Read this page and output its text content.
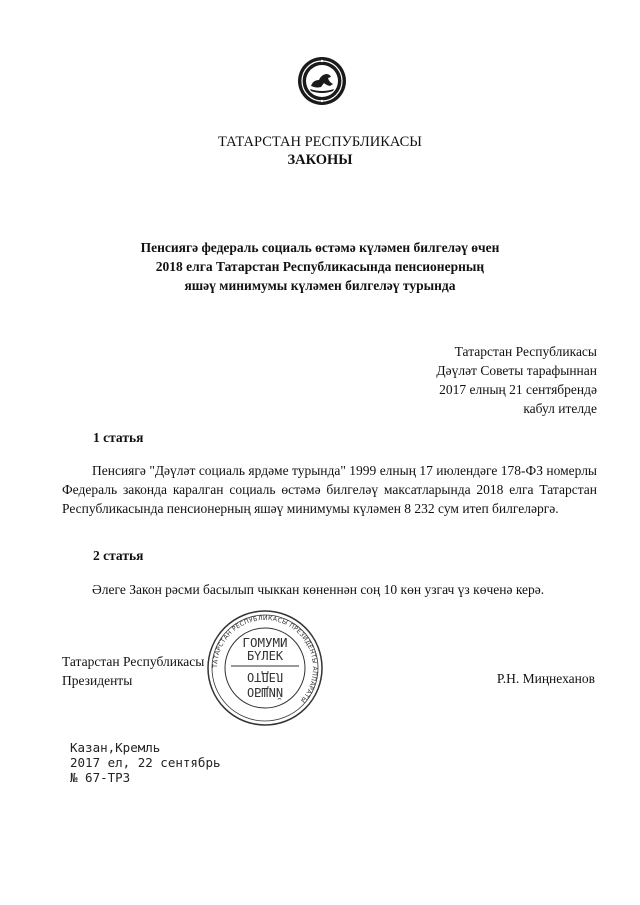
ТАТАРСТАН РЕСПУБЛИКАСЫ
ЗАКОНЫ
Пенсиягә федераль социаль өстәмә күләмен билгеләү өчен
2018 елга Татарстан Республикасында пенсионерның
яшәү минимумы күләмен билгеләү турында
Татарстан Республикасы
Дәүләт Советы тарафыннан
2017 елның 21 сентябрендә
кабул ителде
1 статья
Пенсиягә "Дәүләт социаль ярдәме турында" 1999 елның 17 июлендәге 178-ФЗ номерлы Федераль законда каралган социаль өстәмә билгеләү максатларында 2018 елга Татарстан Республикасында пенсионерның яшәү минимумы күләмен 8 232 сум итеп билгеләргә.
2 статья
Әлеге Закон рәсми басылып чыккан көненнән соң 10 көн узгач үз көченә керә.
Татарстан Республикасы
Президенты	Р.Н. Миңнеханов
ТАТАРСТАН РЕСПУБЛИКАСЫ ПРЕЗИДЕНТЫ АППАРАТЫ
ГОМУМИ
БҮЛЕК
ОТДЕЛ
ОБЩИЙ
Казан,Кремль
2017 ел, 22 сентябрь
№ 67-ТРЗ
